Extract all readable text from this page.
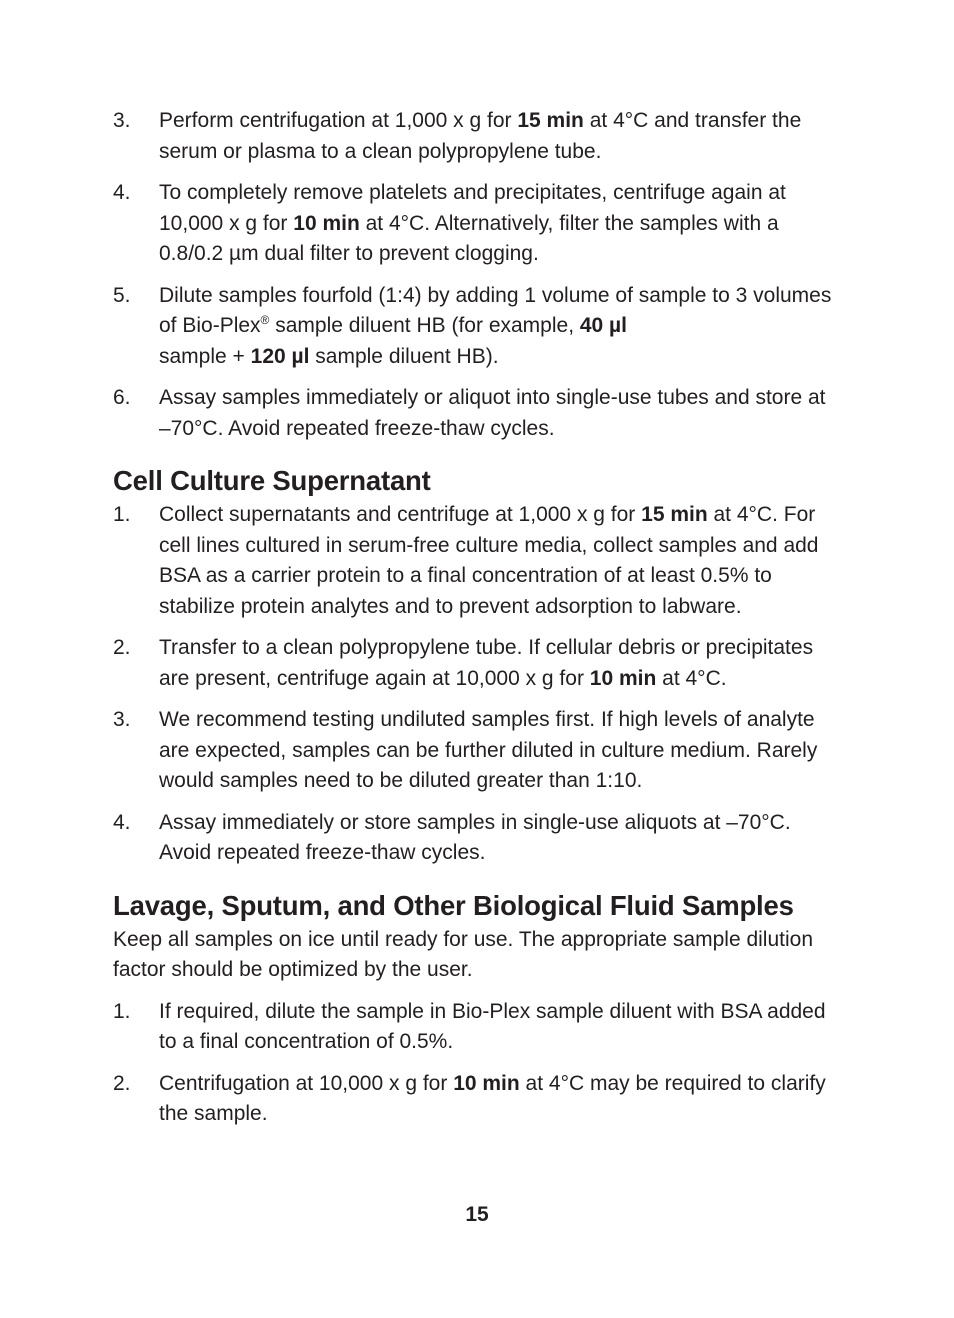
3.	Perform centrifugation at 1,000 x g for 15 min at 4°C and transfer the serum or plasma to a clean polypropylene tube.
4.	To completely remove platelets and precipitates, centrifuge again at 10,000 x g for 10 min at 4°C. Alternatively, filter the samples with a 0.8/0.2 µm dual filter to prevent clogging.
5.	Dilute samples fourfold (1:4) by adding 1 volume of sample to 3 volumes of Bio-Plex® sample diluent HB (for example, 40 µl
sample + 120 µl sample diluent HB).
6.	Assay samples immediately or aliquot into single-use tubes and store at –70°C. Avoid repeated freeze-thaw cycles.
Cell Culture Supernatant
1.	Collect supernatants and centrifuge at 1,000 x g for 15 min at 4°C. For cell lines cultured in serum-free culture media, collect samples and add BSA as a carrier protein to a final concentration of at least 0.5% to stabilize protein analytes and to prevent adsorption to labware.
2.	Transfer to a clean polypropylene tube. If cellular debris or precipitates are present, centrifuge again at 10,000 x g for 10 min at 4°C.
3.	We recommend testing undiluted samples first. If high levels of analyte are expected, samples can be further diluted in culture medium. Rarely would samples need to be diluted greater than 1:10.
4.	Assay immediately or store samples in single-use aliquots at –70°C. Avoid repeated freeze-thaw cycles.
Lavage, Sputum, and Other Biological Fluid Samples

Keep all samples on ice until ready for use. The appropriate sample dilution factor should be optimized by the user.

1.	If required, dilute the sample in Bio-Plex sample diluent with BSA added to a final concentration of 0.5%.
2.	Centrifugation at 10,000 x g for 10 min at 4°C may be required to clarify the sample.
15
